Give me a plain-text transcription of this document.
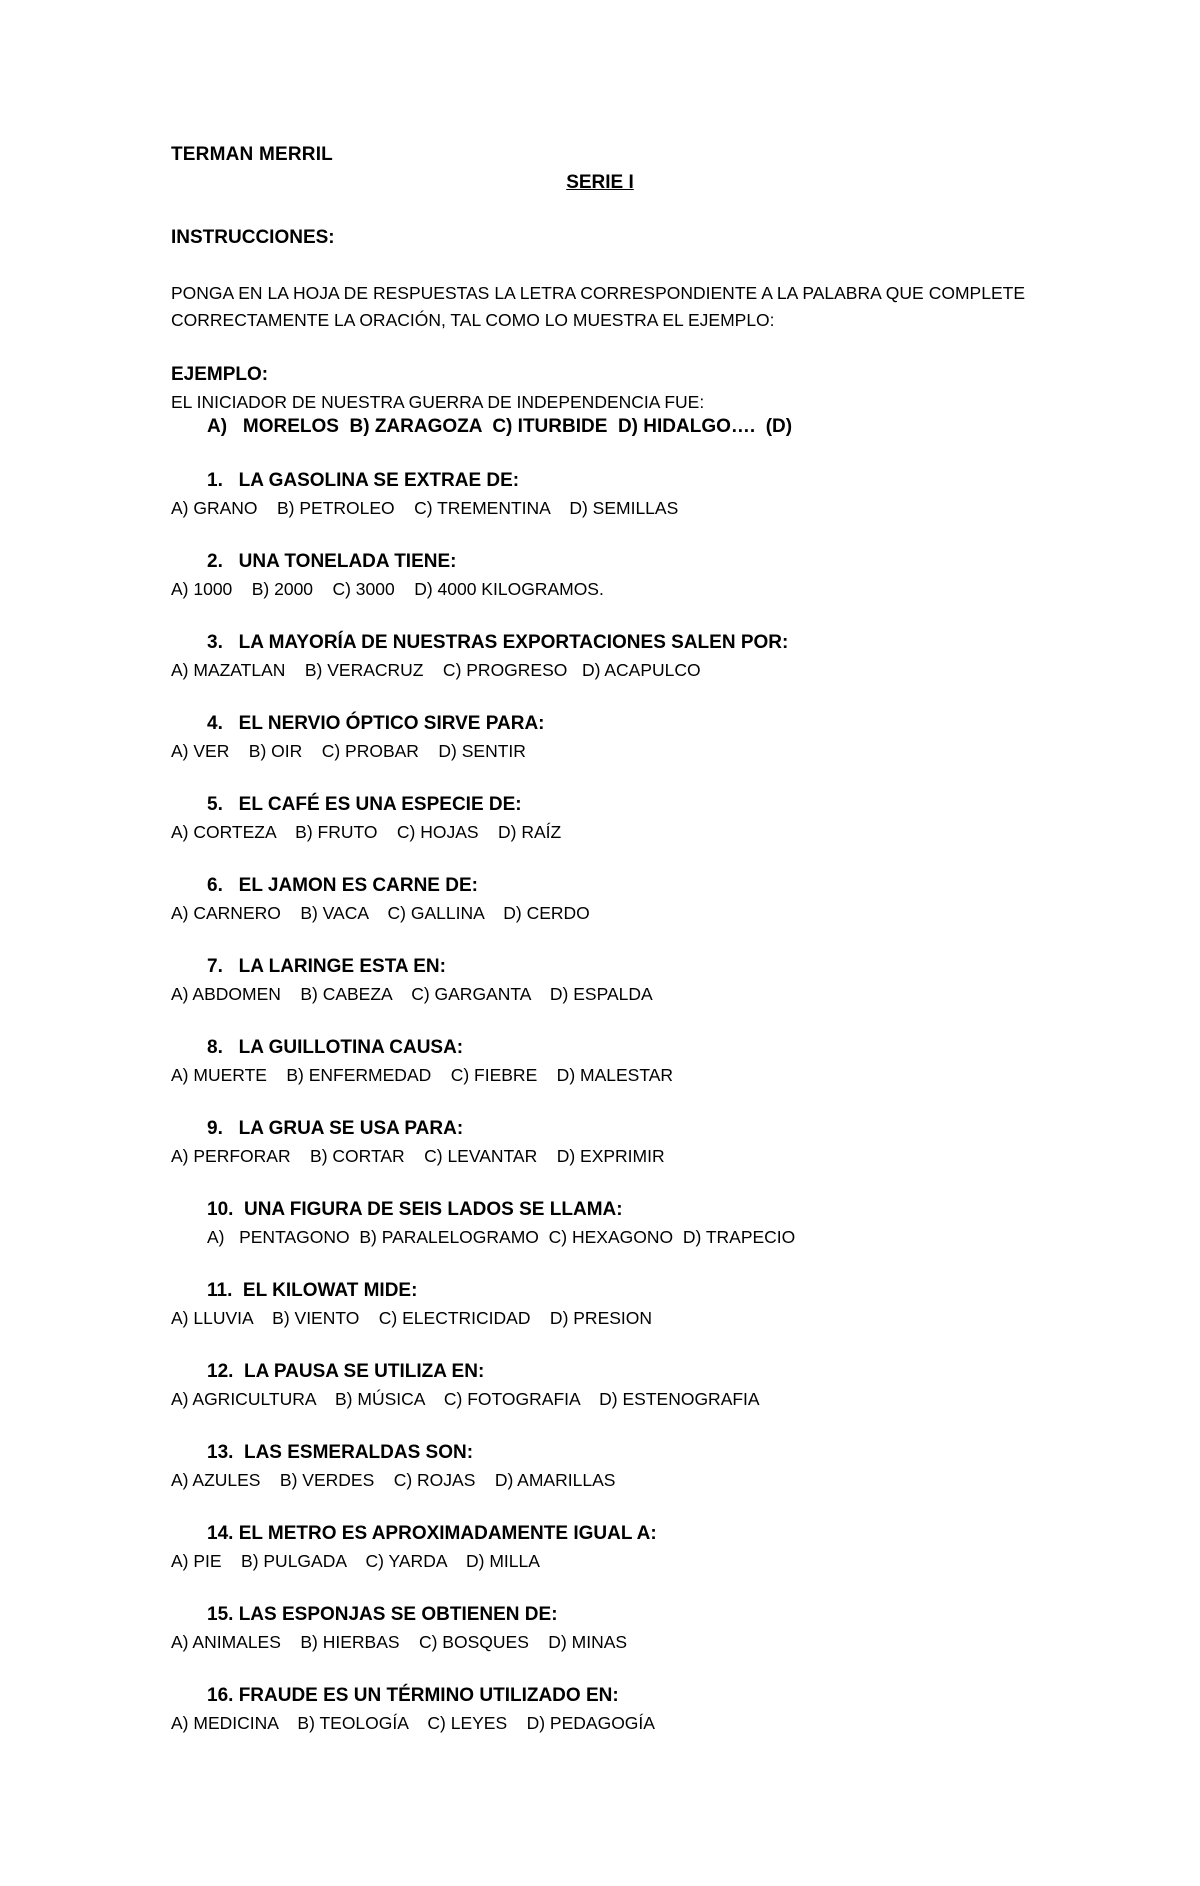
TERMAN MERRIL
SERIE I
INSTRUCCIONES:
PONGA EN LA HOJA DE RESPUESTAS LA LETRA CORRESPONDIENTE A LA PALABRA QUE COMPLETE CORRECTAMENTE LA ORACIÓN, TAL COMO LO MUESTRA EL EJEMPLO:
EJEMPLO:
EL INICIADOR DE NUESTRA GUERRA DE INDEPENDENCIA FUE:
A)   MORELOS  B) ZARAGOZA  C) ITURBIDE  D) HIDALGO….  (D)
1.   LA GASOLINA SE EXTRAE DE:
A) GRANO    B) PETROLEO    C) TREMENTINA    D) SEMILLAS
2.   UNA TONELADA TIENE:
A) 1000    B) 2000    C) 3000    D) 4000 KILOGRAMOS.
3.   LA MAYORÍA DE NUESTRAS EXPORTACIONES SALEN POR:
A) MAZATLAN    B) VERACRUZ    C) PROGRESO   D) ACAPULCO
4.   EL NERVIO ÓPTICO SIRVE PARA:
A) VER    B) OIR    C) PROBAR    D) SENTIR
5.   EL CAFÉ ES UNA ESPECIE DE:
A) CORTEZA    B) FRUTO    C) HOJAS    D) RAÍZ
6.   EL JAMON ES CARNE DE:
A) CARNERO    B) VACA    C) GALLINA    D) CERDO
7.   LA LARINGE ESTA EN:
A) ABDOMEN    B) CABEZA    C) GARGANTA    D) ESPALDA
8.   LA GUILLOTINA CAUSA:
A) MUERTE    B) ENFERMEDAD    C) FIEBRE    D) MALESTAR
9.   LA GRUA SE USA PARA:
A) PERFORAR    B) CORTAR    C) LEVANTAR    D) EXPRIMIR
10.  UNA FIGURA DE SEIS LADOS SE LLAMA:
A)   PENTAGONO  B) PARALELOGRAMO  C) HEXAGONO  D) TRAPECIO
11.  EL KILOWAT MIDE:
A) LLUVIA    B) VIENTO    C) ELECTRICIDAD    D) PRESION
12.  LA PAUSA SE UTILIZA EN:
A) AGRICULTURA    B) MÚSICA    C) FOTOGRAFIA    D) ESTENOGRAFIA
13.  LAS ESMERALDAS SON:
A) AZULES    B) VERDES    C) ROJAS    D) AMARILLAS
14. EL METRO ES APROXIMADAMENTE IGUAL A:
A) PIE    B) PULGADA    C) YARDA    D) MILLA
15. LAS ESPONJAS SE OBTIENEN DE:
A) ANIMALES    B) HIERBAS    C) BOSQUES    D) MINAS
16. FRAUDE ES UN TÉRMINO UTILIZADO EN:
A) MEDICINA    B) TEOLOGÍA    C) LEYES    D) PEDAGOGÍA
